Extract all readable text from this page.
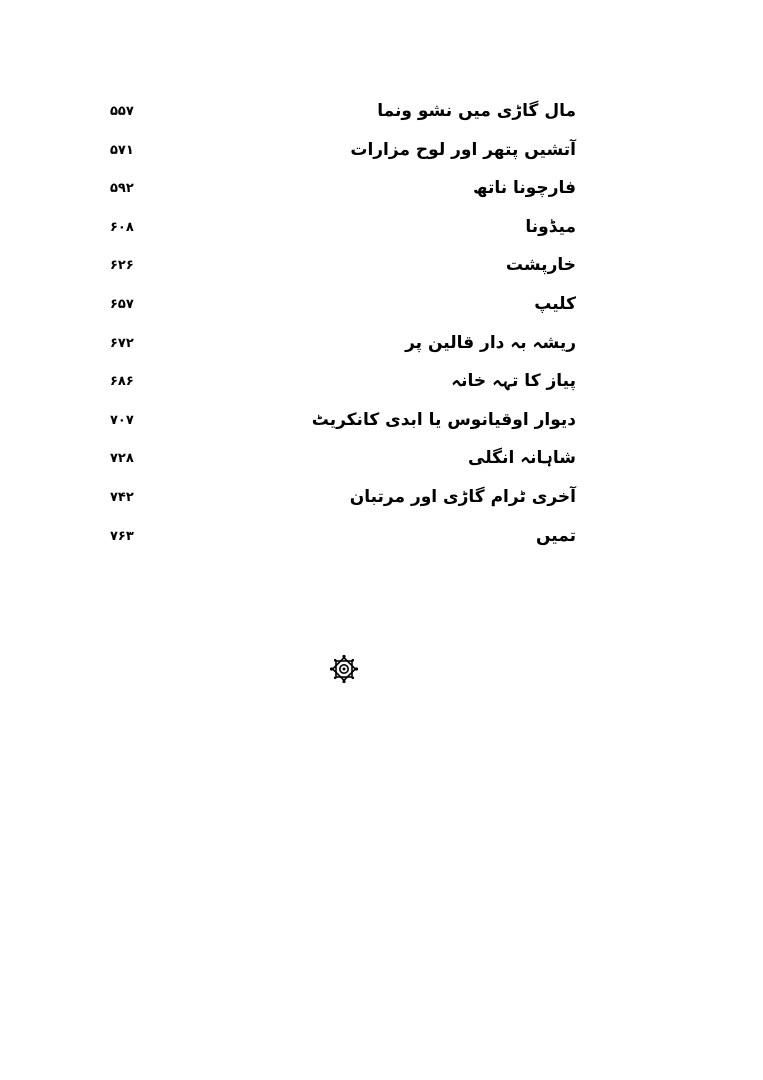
مال گاڑی میں نشو ونما
۵۵۷
آتشیں پتھر اور لوح مزارات
۵۷۱
فارچونا ناتھ
۵۹۲
میڈونا
۶۰۸
خارپشت
۶۲۶
کلیپ
۶۵۷
ریشہ بہ دار قالین پر
۶۷۲
پیاز کا تہہ خانہ
۶۸۶
دیوار اوقیانوس یا ابدی کانکریٹ
۷۰۷
شاہانہ انگلی
۷۲۸
آخری ٹرام گاڑی اور مرتبان
۷۴۲
تمیں
۷۶۳
